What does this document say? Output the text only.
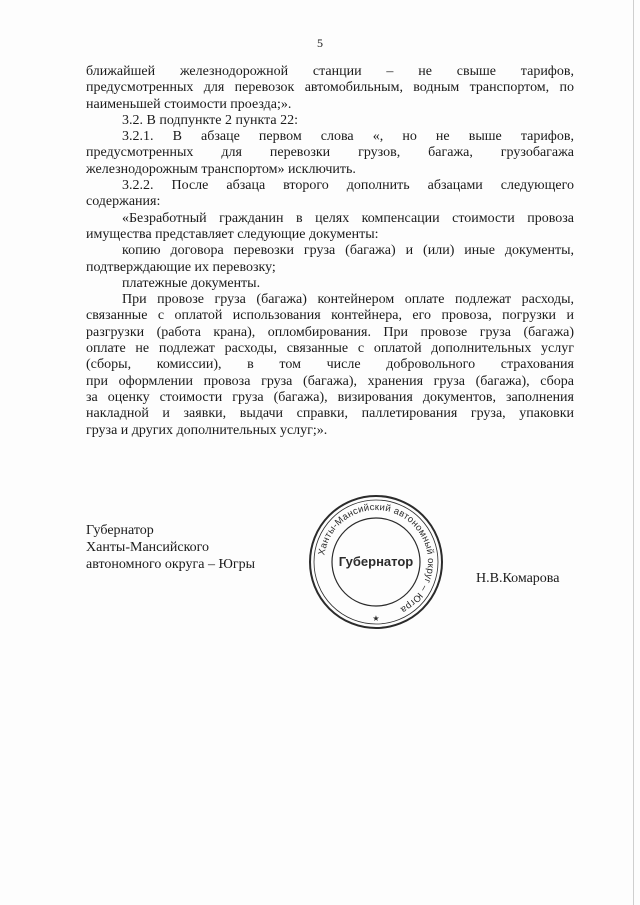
5

ближайшей железнодорожной станции – не свыше тарифов,

предусмотренных для перевозок автомобильным, водным транспортом, по

наименьшей стоимости проезда;».

3.2. В подпункте 2 пункта 22:

3.2.1. В абзаце первом слова «, но не выше тарифов,

предусмотренных для перевозки грузов, багажа, грузобагажа

железнодорожным транспортом» исключить.

3.2.2. После абзаца второго дополнить абзацами следующего

содержания:

«Безработный гражданин в целях компенсации стоимости провоза

имущества представляет следующие документы:

копию договора перевозки груза (багажа) и (или) иные документы,

подтверждающие их перевозку;

платежные документы.

При провозе груза (багажа) контейнером оплате подлежат расходы,

связанные с оплатой использования контейнера, его провоза, погрузки и

разгрузки (работа крана), опломбирования. При провозе груза (багажа)

оплате не подлежат расходы, связанные с оплатой дополнительных услуг

(сборы, комиссии), в том числе добровольного страхования

при оформлении провоза груза (багажа), хранения груза (багажа), сбора

за оценку стоимости груза (багажа), визирования документов, заполнения

накладной и заявки, выдачи справки, паллетирования груза, упаковки

груза и других дополнительных услуг;».

Губернатор
Ханты-Мансийского
автономного округа – Югры
Ханты-Мансийский автономный округ – Югра
Губернатор
★
Н.В.Комарова
